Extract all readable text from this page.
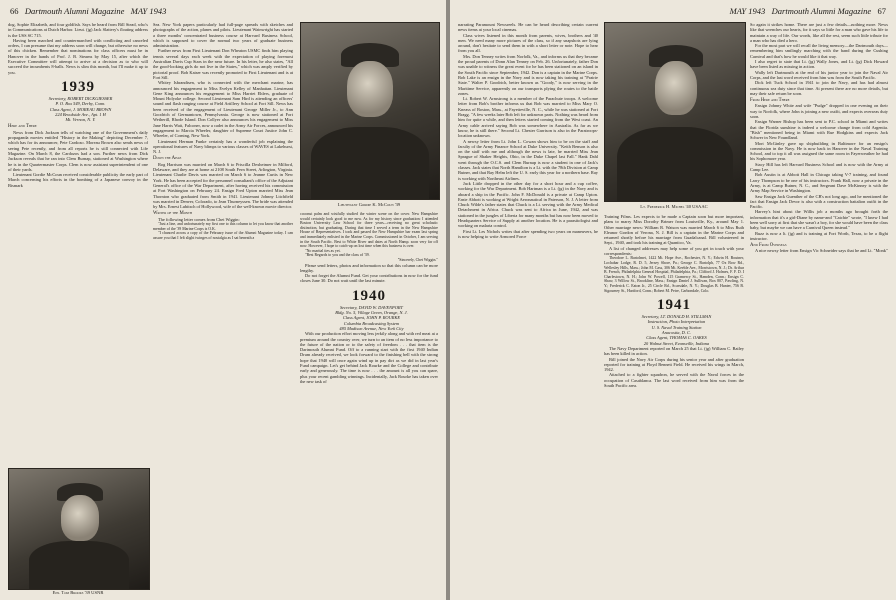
66 Dartmouth Alumni Magazine MAY 1943

dog, Sophie Elizabeth, and four goldfish. Says he heard from Bill Stead, who's in Communications at Dutch Harbor. Lieut. (jg) Jack Slattery's floating address is the USS SC 715.

Having been marched and countermarched with conflicting and canceled orders, I can presume that my address soon will change, but otherwise no news of this chicken. Remember that nominations for class officers must be in Hanover in the hands of Prof. J. B. Stearns by May 15, after which the Executive Committee will attempt to arrive at a decision as to who will succeed the incumbents 8-balls. News is slim this month, but I'll make it up to you.

1939

Secretary, ROBERT DICKGIESSER

P. O. Box 549, Derby, Conn.

Class Agent, J. MOREAU BROWN

224 Brookside Ave., Apt. 1 H

Mt. Vernon, N. Y.

Here and There

News from Dick Jackson tells of watching one of the Government's daily propaganda movies entitled "History in the Making" depicting December 7, which has for its announcer, Pete Cardozo. Moreau Brown also sends news of seeing Pete recently, and from all reports he is still connected with Life Magazine. On March 8, the Cardozos had a son. Further news from Dick Jackson reveals that he ran into Clem Burnap, stationed at Washington where he is in the Quartermaster Corps. Clem is now assistant superintendent of one of their yards.

Lieutenant Gordie McCoun received considerable publicity the early part of March concerning his efforts in the bombing of a Japanese convoy in the Bismark

Ens. Tom Brooks '39 USNR

Sea. New York papers particularly had full-page spreads with sketches and photographs of the action, planes and pilots. Lieutenant Wainwright has started a three months' concentrated business course at Harvard Business School, which is supposed to cover the normal two years of graduate business administration.

Further news from First Lieutenant Don Wheaton USMC finds him playing tennis several days each week with the expectation of playing foremost Australian Davis Cup Stars in the near future. In his letter, he also states, "All the good-looking girls do not live in the States," which was amply verified by pictorial proof. Bob Kaiser was recently promoted to First Lieutenant and is at Fort Sill.

Whitey Isbrandtsen, who is connected with the merchant marine, has announced his engagement to Miss Evelyn Kelley of Manhattan. Lieutenant Gene King announces his engagement to Miss Harriet Ehlers, graduate of Mount Holyoke college. Second Lieutenant Sam Hird is attending an officers' sound and flash ranging course at Field Artillery School at Fort Sill. News has been received of the engagement of Lieutenant George Miller Jr., to Ann Goodrich of Germantown, Pennsylvania. George is now stationed at Fort Wetherill, Rhode Island. Don Collyer also announces his engagement to Miss Jane Harris Wait, Falconer, now a cadet in the Army Air Forces, announced his engagement to Marcia Wheeler, daughter of Supreme Court Justice John C. Wheeler, of Corning, New York.

Lieutenant Herman Funke certainly has a wonderful job explaining the operational features of Navy blimps to various classes of WAVES at Lakehurst, N. J.

Down the Aisle

Rog Harrison was married on March 6 to Priscilla Dexheimer in Milford, Delaware, and they are at home at 2108 South Fern Street, Arlington, Virginia. Lieutenant Charlie Davis was married on March 6 to Jeanne Curtis in New York. He has been accepted for the personnel consultant's office of the Adjutant General's office of the War Department, after having received his commission at Fort Washington on February 24. Ensign Fred Upton married Miss Jean Thornton who graduated from Smith in 1941. Lieutenant Johnny Litchfield was married in Denver, Colorado, to Jean Thurneyssen. The bride was attended by Mrs. Ernest Lubitsch of Hollywood, wife of the well-known movie director.

Writer of the Month

The following letter comes from Chet Wiggin:

"Just a line, and unfortunately my first one to this column to let you know that another member of the '39 Marine Corps is O.K.

"I chanced across a copy of the February issue of the Alumni Magazine today. I can assure you that I felt slight twinges of nostalgia as I sat beneath a

Lieutenant Gordie K. McCoun '39

coconut palm and wistfully studied the winter scene on the cover. New Hampshire would certainly look good to me now. As for my history since graduation: I attended Boston University Law School for three years—receiving no great scholastic distinction, but graduating. During that time I served a term in the New Hampshire House of Representatives. I took and passed the New Hampshire bar exam last spring and immediately enlisted in the Marine Corps. Commissioned in October, I am serving in the South Pacific. Best to White River and dates at North Hamp. soon very far off now. However, I hope to catch-up on lost time when this business is over.

"No marital ties as yet.

"Best Regards to you and the class of '39.

"Sincerely, Chet Wiggin."

Please send letters, photos and information so that this column can be more lengthy.

Do not forget the Alumni Fund. Get your contributions in now for the fund closes June 30. Do not wait until the last minute.

1940

Secretary, DAVID W. DAVENPORT

Bldg. No. 5, Village Green, Orange, N. J.

Class Agent, JOHN P. ROURKE

Columbia Broadcasting System

485 Madison Avenue, New York City

With our production effort moving less jerkily along and with red meat at a premium around the country over, we turn to an item of no less importance to the future of the nation or to the safety of freedom . . . that item is the Dartmouth Alumni Fund. Off to a running start with the first 1940 Indian Drum already received, we look forward to the finishing bell with the strong hope that 1940 will once again wind up in pay dirt as we did in last year's Fund campaign. Let's get behind Jack Rourke and the College and contribute early and generously. The time is now . . . the amount is all you can spare, plus your recent gambling winnings. Incidentally, Jack Rourke has taken over the new task of

MAY 1943 Dartmouth Alumni Magazine 67

narrating Paramount Newsreels. He can be heard describing certain current news items at your local cinemas.

Class wives listened in this month from parents, wives, brothers and '40 men. We need many more pictures of the class, so if any snapshots are lying around, don't hesitate to send them in with a short letter or note. Hope to hear from you all.

Mrs. Don Tenney writes from Norfolk, Va., and informs us that they became the proud parents of Donn Alan Tenney on Feb. 26. Unfortunately, father Don was unable to witness the great event for he has been stationed on an island in the South Pacific since September, 1942. Don is a captain in the Marine Corps. Bob Lake is an ensign in the Navy and is now taking his training at "Prairie State." Walter P. Goodrich, better known as "Goody," is now serving in the Maritime Service, apparently on our transports plying the routes to the battle zones.

Lt. Robert W. Armstrong is a member of the Parachute troops. A welcome letter from Bob's brother informs us that Bob was married to Miss Mary O. Kneass of Boston, Mass., at Fayetteville, N. C., while he was stationed at Fort Bragg. "A few weeks later Bob left for unknown parts. Nothing was heard from him for quite a while, and then letters started coming from the West coast. An Army cable arrived saying Bob was somewhere in Australia. As far as we know, he is still there." Second Lt. Chester Garrison is also in the Paratroops-location unknown.

A newsy letter from Lt. John L. Cowan shows him to be on the staff and faculty of the Army Finance School at Duke University. "Keith Benson is also on the staff with me and although the news is late, he married Miss Jean Sprague of Shaker Heights, Ohio, in the Duke Chapel last Fall." Hank Dahl went through the O.C.S. and Clem Burnap is now a student in one of Jack's classes. Jack states that North Hamilton is a Lt. with the 78th Division at Camp Butner, and that Ray Helm left the U. S. early this year for a northern base. Ray is working with Northeast Airlines.

Jack Little dropped in the other day for a short hour and a cup coffee, working for the War Department. Bob Hartman is a Lt. (jg) in the Navy and is aboard a ship in the Pacific. John F. McDonald is a private at Camp Upton. Ernie Abbott is working at Wright Aeronautical in Paterson, N. J. A letter from Chuck Wilde's father states that Chuck is a Lt. serving with the Army Medical Detachment in Africa. Chuck was sent to Africa in June, 1942, and was stationed in the jungles of Liberia for many months but has now been moved to Headquarters Service of Supply at another location. He is a parasitologist and working on malaria control.

First Lt. Les Nichols writes that after spending two years on maneuvers, he is now helping to write Armored Force

Lt. Frederick H. Michel '40 USAAC

Training Films. Les expects to be made a Captain soon but more important, plans to marry Miss Dorothy Brimer from Louisville, Ky., around May 1. Other marriage news: William R. Watson was married March 6 to Miss Ruth Eleanor Gordon of Verona, N. J. Bill is a captain in the Marine Corps and returned shortly before his marriage from Guadalcanal. Bill volunteered in Sept., 1940, and took his training at Quantico, Va.

A list of changed addresses may help some of you get in touch with your correspondents:

Theodore L. Bartolmei, 1422 Mt. Hope Ave., Rochester, N. Y.; Edwin H. Boutner, Lochabar Lodge, R. D. 5, Jersey Shore, Pa.; George C. Bartolph, 77 Ox Bow Rd., Wellesley Hills, Mass.; John M. Cass, 306 Mt. Keeble Ave., Morristown, N. J.; Dr. Arthur B. French, Philadelphia General Hospital, Philadelphia, Pa.; Clifford J. Holmes, F. F. D. I Charlestown, N. H.; John W. Powell, 115 Gramercy St., Hamden, Conn.; Ensign C. Shaw, 3 Willow St., Brookline, Mass.; Ensign Daniel J. Sullivan, Box 807, Pawling, N. Y.; Frederick C. Eaton Jr., 25 Circle Rd., Scarsdale, N. Y.; Douglas B. Hunter, 756 B. Sigourney St., Hartford, Conn.; Robert M. Petre, Carbondale, Colo.

1941

Secretary, LT. DONALD H. STILLMAN

Instruction, Photo Interpretation

U. S. Naval Training Station

Anacostia, D. C.

Class Agent, THOMAS C. OAKES

20 Walnut Street, Evansville, Indiana

The Navy Department reported on March 25 that Lt. (jg) William C. Bailey has been killed in action.

Bill joined the Navy Air Corps during his senior year and after graduation reported for training at Floyd Bennett Field. He received his wings in March, 1942.

Attached to a fighter squadron, he served with the Naval forces in the occupation of Casablanca. The last word received from him was from the South Pacific area.

So again it strikes home. There are just a few details—nothing more. News like that wrenches our hearts, for it says so little for a man who gave his life to maintain a way of life. Our words, like all the rest, seem such little tribute for a man who has died a hero.

For the most part we will recall the living memory—the Dartmouth days—remembering him smilingly marching with the band during the Cushing Carnival and that's how he would like it that way.

I also regret to state that Lt. (jg) Wally Jones, and Lt. (jg) Dick Howard have been listed as missing in action.

Wally left Dartmouth at the end of his junior year to join the Naval Air Corps, and the last word received from him was from the South Pacific.

Dick left Tuck School in 1941 to join the Navy, and has had almost continuous sea duty since that time. At present there are no more details, but may their safe return be soon.

From Here and There

Ensign Johnny White and wife "Pudge" dropped in one evening on their way to Norfolk, where John is joining a new outfit, and expects overseas duty soon.

Ensign Warner Bishop has been sent to P.C. school in Miami and writes that the Florida sunshine is indeed a welcome change from cold Argentia. "Bish" mentioned being in Miami with Rue Hodgkins and expects Jack Schwer in New Foundland.

Mort McGinley gave up shipbuilding in Baltimore for an ensign's commission in the Navy. He is now back in Hanover in the Naval Training School, and to top it all was assigned the same room in Fayerweather he had his Sophomore year.

Stacy Hill has left Harvard Business School and is now with the Army at Camp Lee.

Bob Austin is at Abbott Hall in Chicago taking V-7 training, and found Larry Thompson to be one of his instructors. Frank Hall, now a private in the Army, is at Camp Butner, N. C., and Sergeant Dave McKinney is with the Army Map Service in Washington.

Saw Ensign Jack Guenther of the CB's not long ago, and he mentioned the fact that Ensign Jack Devor is also with a construction battalion outfit in the Pacific.

Harvey's hint about the Willis job a months ago brought forth the information that it's a girl-Diane by name-and "Catchie" wrote, "I knew I had been well sorry at first that she wasn't a boy, for she would have been the class baby, but maybe we can have a Carnival Queen instead."

Buzz is now a lt. (jg) and is training at Fort Worth, Texas, to be a flight instructor.

And From Overseas

A nice newsy letter from Ensign Vic Schneider says that he and Lt. "Monk"
